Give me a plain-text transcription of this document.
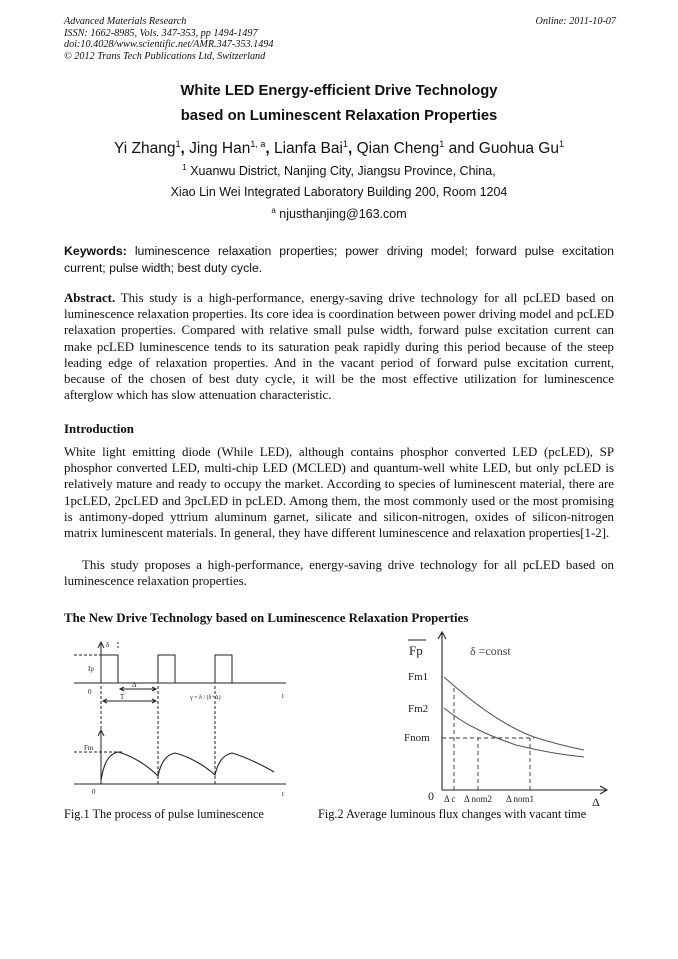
Advanced Materials Research
ISSN: 1662-8985, Vols. 347-353, pp 1494-1497
doi:10.4028/www.scientific.net/AMR.347-353.1494
© 2012 Trans Tech Publications Ltd, Switzerland
Online: 2011-10-07
White LED Energy-efficient Drive Technology
based on Luminescent Relaxation Properties
Yi Zhang$^1$, Jing Han$^{1, a}$, Lianfa Bai$^1$, Qian Cheng$^1$ and Guohua Gu$^1$
$^1$ Xuanwu District, Nanjing City, Jiangsu Province, China,
Xiao Lin Wei Integrated Laboratory Building 200, Room 1204
$^a$ njusthanjing@163.com
Keywords: luminescence relaxation properties; power driving model; forward pulse excitation current; pulse width; best duty cycle.
Abstract. This study is a high-performance, energy-saving drive technology for all pcLED based on luminescence relaxation properties. Its core idea is coordination between power driving model and pcLED relaxation properties. Compared with relative small pulse width, forward pulse excitation current can make pcLED luminescence tends to its saturation peak rapidly during this period because of the steep leading edge of relaxation properties. And in the vacant period of forward pulse excitation current, because of the chosen of best duty cycle, it will be the most effective utilization for luminescence afterglow which has slow attenuation characteristic.
Introduction
White light emitting diode (While LED), although contains phosphor converted LED (pcLED), SP phosphor converted LED, multi-chip LED (MCLED) and quantum-well white LED, but only pcLED is relatively mature and ready to occupy the market. According to species of luminescent material, there are 1pcLED, 2pcLED and 3pcLED in pcLED. Among them, the most commonly used or the most promising is antimony-doped yttrium aluminum garnet, silicate and silicon-nitrogen, oxides of silicon-nitrogen matrix luminescent materials. In general, they have different luminescence and relaxation properties[1-2].
This study proposes a high-performance, energy-saving drive technology for all pcLED based on luminescence relaxation properties.
The New Drive Technology based on Luminescence Relaxation Properties
δ
Ip
0
Δ
T	γ = δ / (δ+Δ)	t
Fm
0	t
Fp	δ =const
Fm1
Fm2
Fnom
0 Δ c Δ nom2 Δ nom1	Δ
Fig.1 The process of pulse luminescence	Fig.2 Average luminous flux changes with vacant time
